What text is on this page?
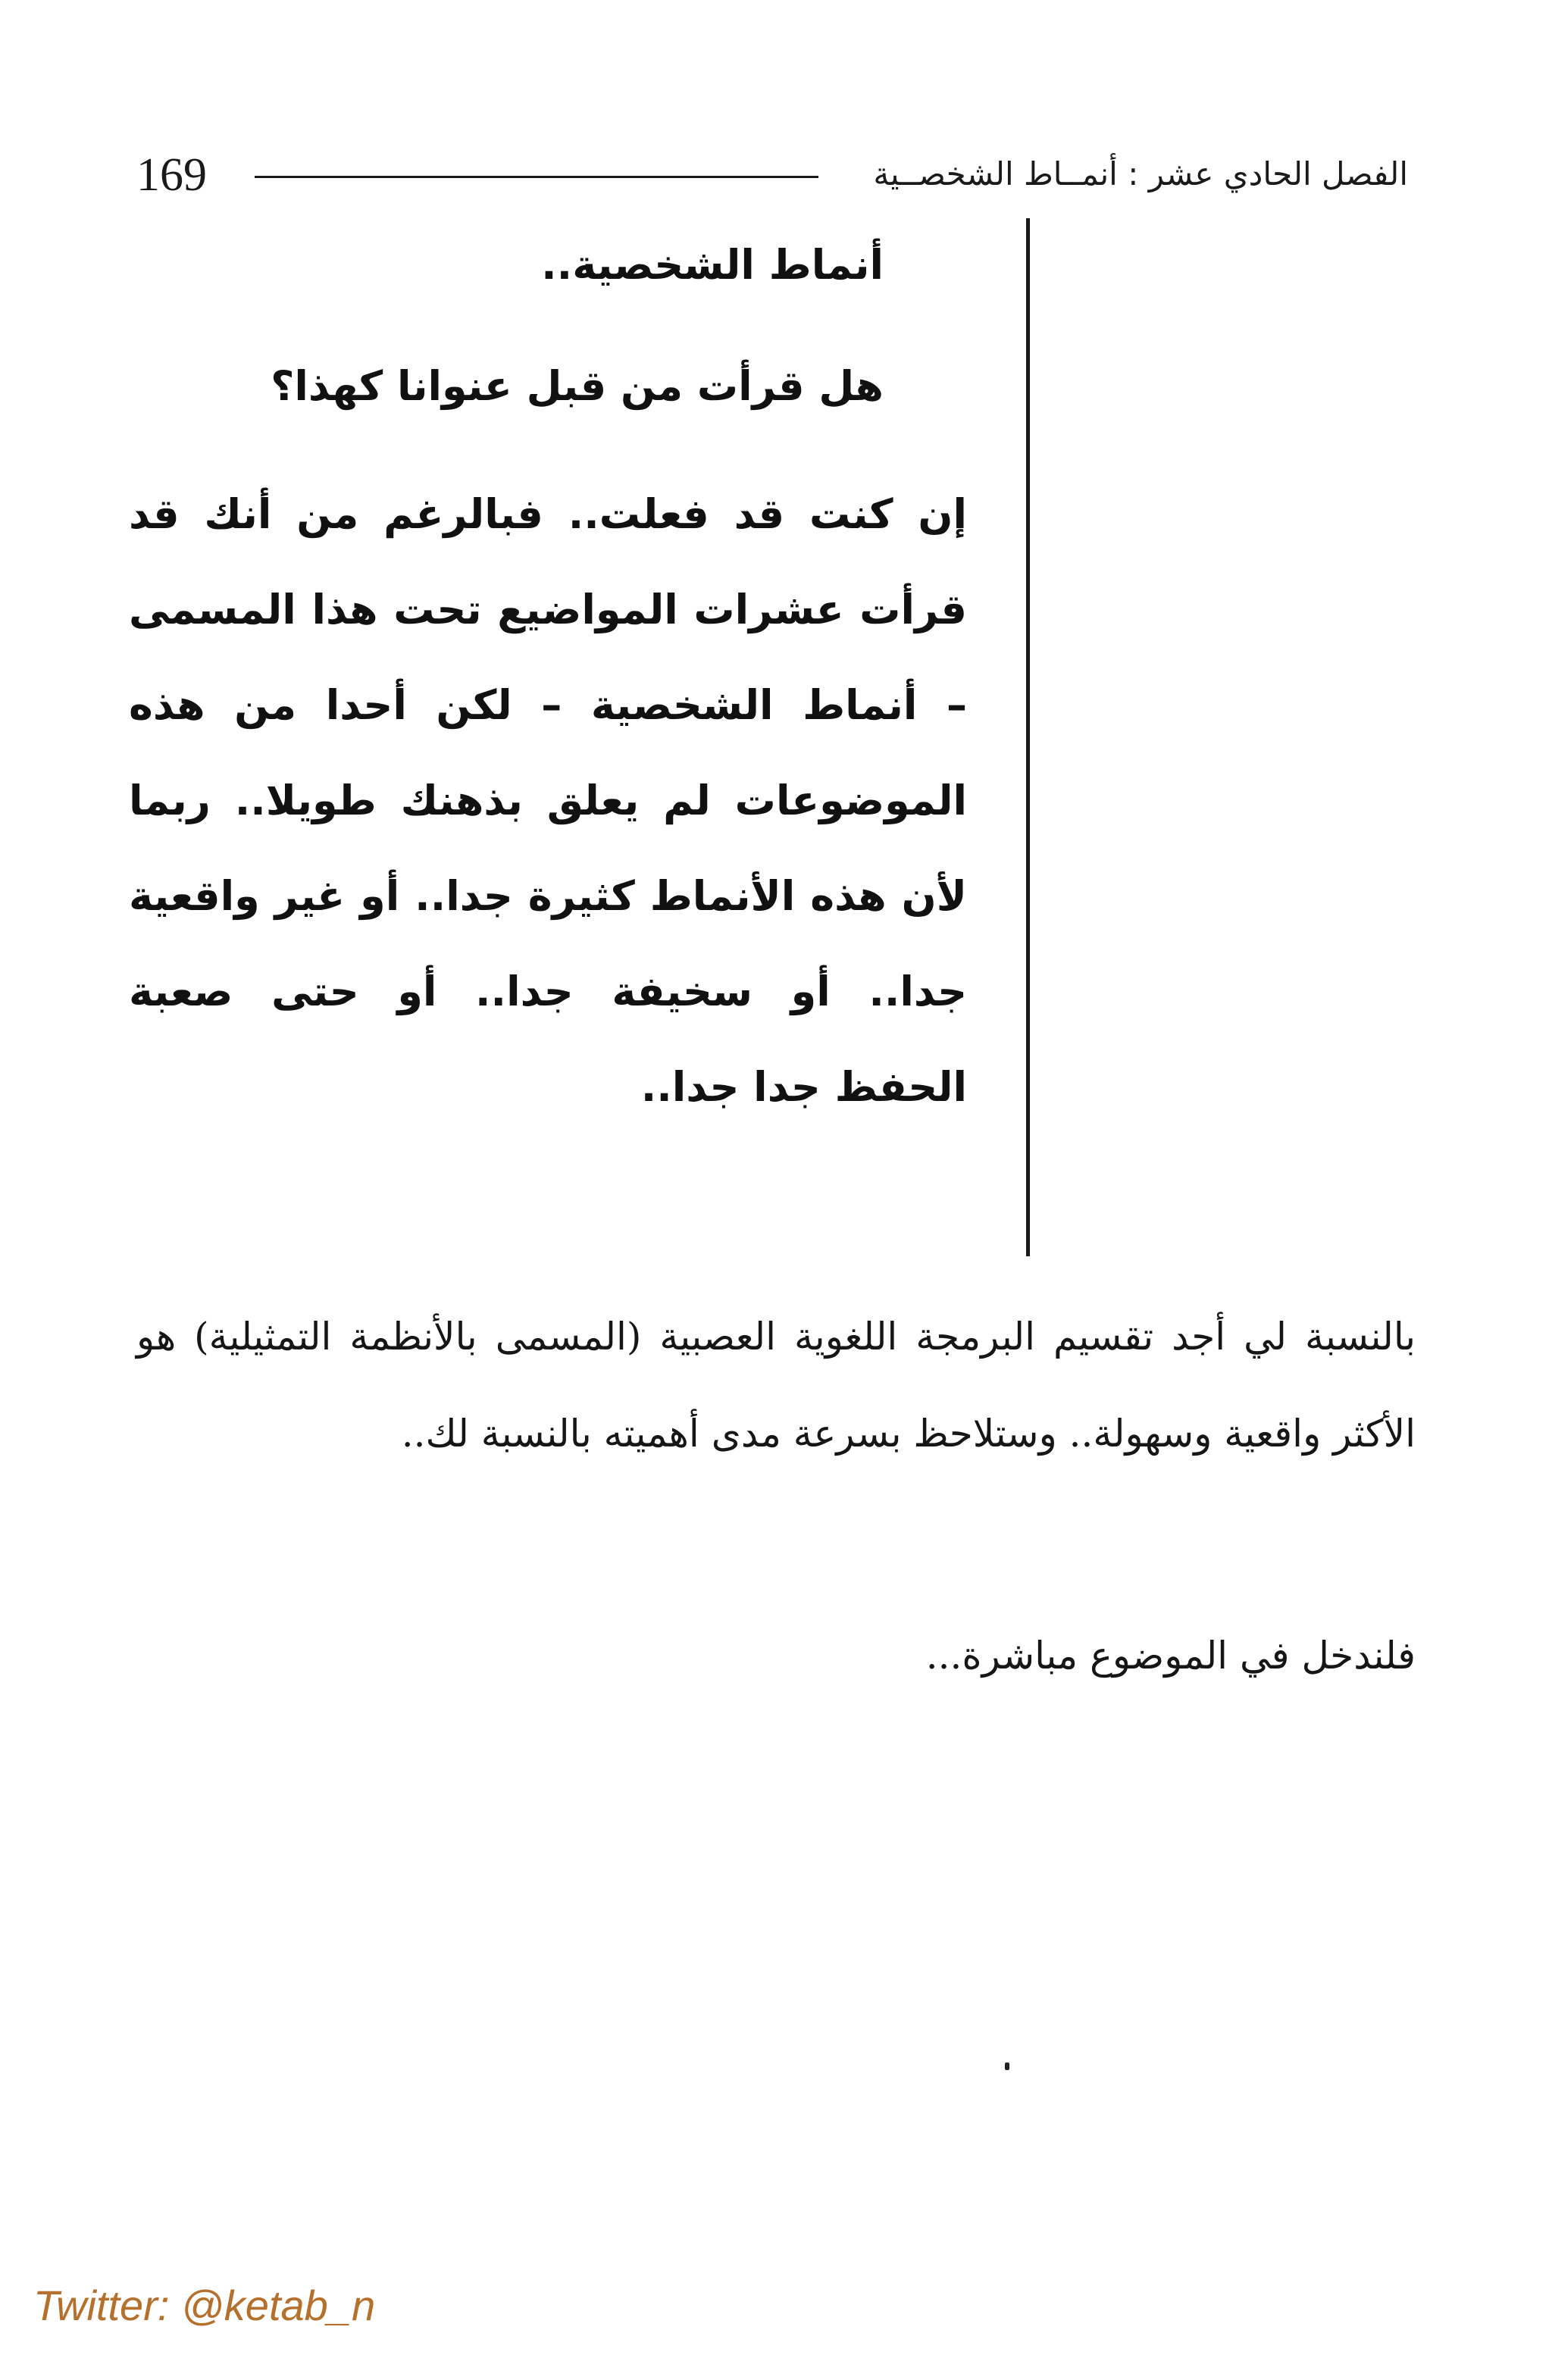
169	الفصل الحادي عشر : أنمــاط الشخصــية
أنماط الشخصية..
هل قرأت من قبل عنوانا كهذا؟
إن كنت قد فعلت.. فبالرغم من أنك قد قرأت عشرات المواضيع تحت هذا المسمى – أنماط الشخصية – لكن أحدا من هذه الموضوعات لم يعلق بذهنك طويلا.. ربما لأن هذه الأنماط كثيرة جدا.. أو غير واقعية جدا.. أو سخيفة جدا.. أو حتى صعبة الحفظ جدا جدا..

بالنسبة لي أجد تقسيم البرمجة اللغوية العصبية (المسمى بالأنظمة التمثيلية) هو الأكثر واقعية وسهولة.. وستلاحظ بسرعة مدى أهميته بالنسبة لك..

فلندخل في الموضوع مباشرة...
Twitter: @ketab_n
